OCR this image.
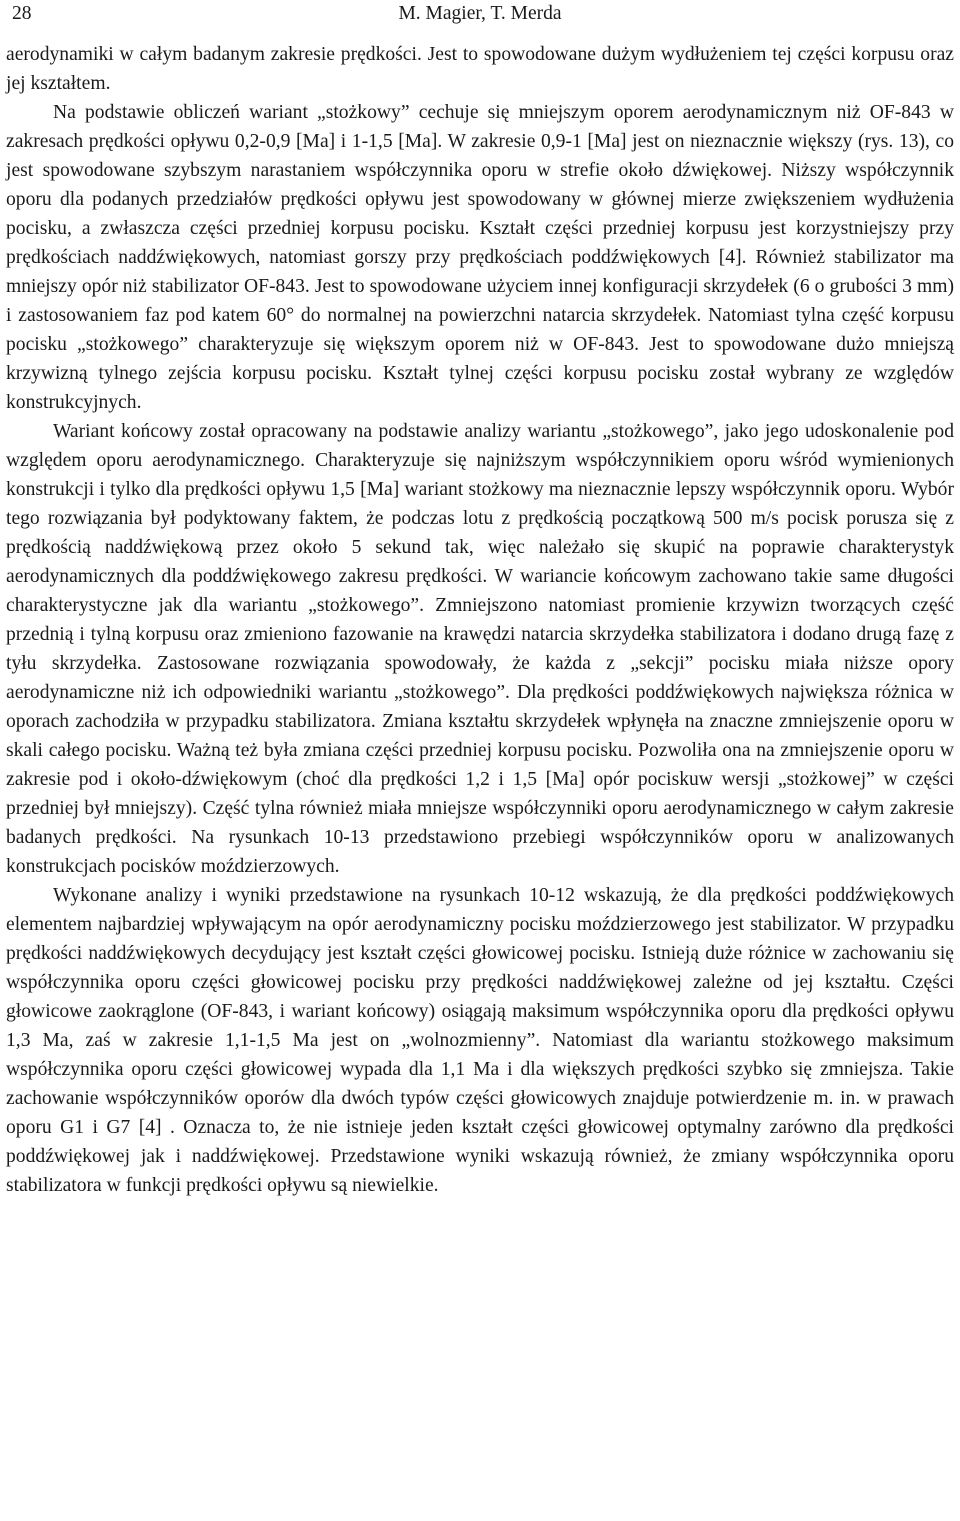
28	M. Magier, T. Merda

aerodynamiki w całym badanym zakresie prędkości. Jest to spowodowane dużym wydłużeniem tej części korpusu oraz jej kształtem.

Na podstawie obliczeń wariant „stożkowy” cechuje się mniejszym oporem aerodynamicznym niż OF-843 w zakresach prędkości opływu 0,2-0,9 [Ma] i 1-1,5 [Ma]. W zakresie 0,9-1 [Ma] jest on nieznacznie większy (rys. 13), co jest spowodowane szybszym narastaniem współczynnika oporu w strefie około dźwiękowej. Niższy współczynnik oporu dla podanych przedziałów prędkości opływu jest spowodowany w głównej mierze zwiększeniem wydłużenia pocisku, a zwłaszcza części przedniej korpusu pocisku. Kształt części przedniej korpusu jest korzystniejszy przy prędkościach naddźwiękowych, natomiast gorszy przy prędkościach poddźwiękowych [4]. Również stabilizator ma mniejszy opór niż stabilizator OF-843. Jest to spowodowane użyciem innej konfiguracji skrzydełek (6 o grubości 3 mm) i zastosowaniem faz pod katem 60° do normalnej na powierzchni natarcia skrzydełek. Natomiast tylna część korpusu pocisku „stożkowego” charakteryzuje się większym oporem niż w OF-843. Jest to spowodowane dużo mniejszą krzywizną tylnego zejścia korpusu pocisku. Kształt tylnej części korpusu pocisku został wybrany ze względów konstrukcyjnych.

Wariant końcowy został opracowany na podstawie analizy wariantu „stożkowego”, jako jego udoskonalenie pod względem oporu aerodynamicznego. Charakteryzuje się najniższym współczynnikiem oporu wśród wymienionych konstrukcji i tylko dla prędkości opływu 1,5 [Ma] wariant stożkowy ma nieznacznie lepszy współczynnik oporu. Wybór tego rozwiązania był podyktowany faktem, że podczas lotu z prędkością początkową 500 m/s pocisk porusza się z prędkością naddźwiękową przez około 5 sekund tak, więc należało się skupić na poprawie charakterystyk aerodynamicznych dla poddźwiękowego zakresu prędkości. W wariancie końcowym zachowano takie same długości charakterystyczne jak dla wariantu „stożkowego”. Zmniejszono natomiast promienie krzywizn tworzących część przednią i tylną korpusu oraz zmieniono fazowanie na krawędzi natarcia skrzydełka stabilizatora i dodano drugą fazę z tyłu skrzydełka. Zastosowane rozwiązania spowodowały, że każda z „sekcji” pocisku miała niższe opory aerodynamiczne niż ich odpowiedniki wariantu „stożkowego”. Dla prędkości poddźwiękowych największa różnica w oporach zachodziła w przypadku stabilizatora. Zmiana kształtu skrzydełek wpłynęła na znaczne zmniejszenie oporu w skali całego pocisku. Ważną też była zmiana części przedniej korpusu pocisku. Pozwoliła ona na zmniejszenie oporu w zakresie pod i około-dźwiękowym (choć dla prędkości 1,2 i 1,5 [Ma] opór pociskuw wersji „stożkowej” w części przedniej był mniejszy). Część tylna również miała mniejsze współczynniki oporu aerodynamicznego w całym zakresie badanych prędkości. Na rysunkach 10-13 przedstawiono przebiegi współczynników oporu w analizowanych konstrukcjach pocisków moździerzowych.

Wykonane analizy i wyniki przedstawione na rysunkach 10-12 wskazują, że dla prędkości poddźwiękowych elementem najbardziej wpływającym na opór aerodynamiczny pocisku moździerzowego jest stabilizator. W przypadku prędkości naddźwiękowych decydujący jest kształt części głowicowej pocisku. Istnieją duże różnice w zachowaniu się współczynnika oporu części głowicowej pocisku przy prędkości naddźwiękowej zależne od jej kształtu. Części głowicowe zaokrąglone (OF-843, i wariant końcowy) osiągają maksimum współczynnika oporu dla prędkości opływu 1,3 Ma, zaś w zakresie 1,1-1,5 Ma jest on „wolnozmienny”. Natomiast dla wariantu stożkowego maksimum współczynnika oporu części głowicowej wypada dla 1,1 Ma i dla większych prędkości szybko się zmniejsza. Takie zachowanie współczynników oporów dla dwóch typów części głowicowych znajduje potwierdzenie m. in. w prawach oporu G1 i G7 [4] . Oznacza to, że nie istnieje jeden kształt części głowicowej optymalny zarówno dla prędkości poddźwiękowej jak i naddźwiękowej. Przedstawione wyniki wskazują również, że zmiany współczynnika oporu stabilizatora w funkcji prędkości opływu są niewielkie.
